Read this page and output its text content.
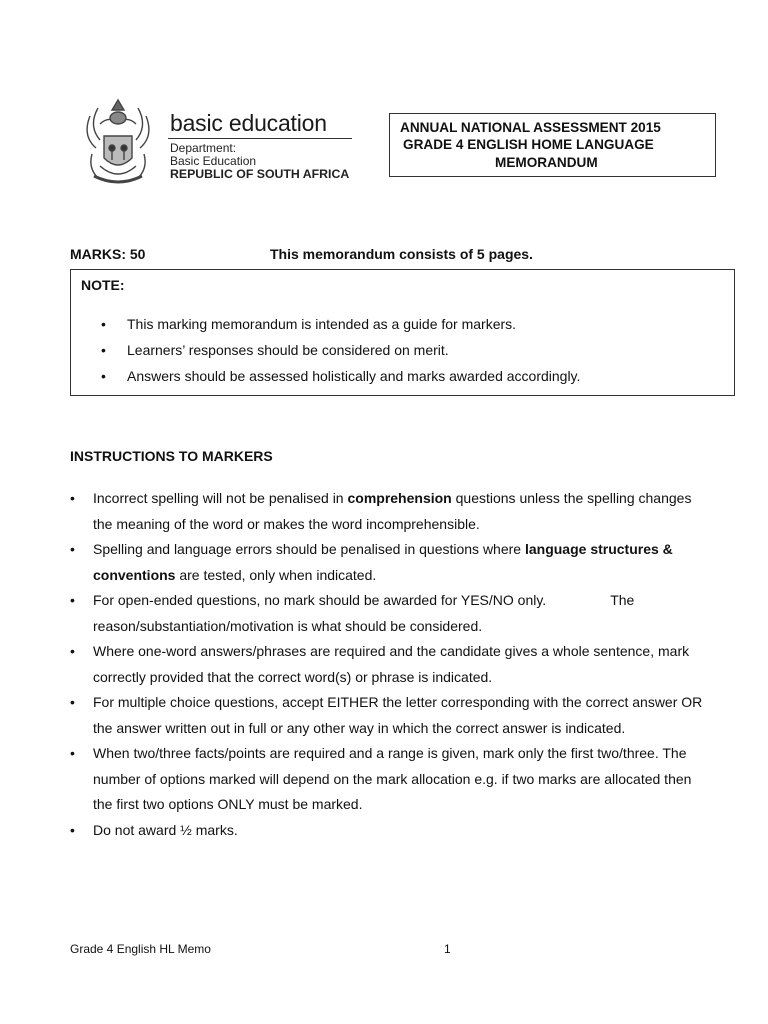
basic education
Department:
Basic Education
REPUBLIC OF SOUTH AFRICA
ANNUAL NATIONAL ASSESSMENT 2015
GRADE 4 ENGLISH HOME LANGUAGE
MEMORANDUM
MARKS: 50	This memorandum consists of 5 pages.
NOTE:
• This marking memorandum is intended as a guide for markers.
• Learners’ responses should be considered on merit.
• Answers should be assessed holistically and marks awarded accordingly.
INSTRUCTIONS TO MARKERS
•	Incorrect spelling will not be penalised in comprehension questions unless the spelling changes the meaning of the word or makes the word incomprehensible.
•	Spelling and language errors should be penalised in questions where language structures & conventions are tested, only when indicated.
•	For open-ended questions, no mark should be awarded for YES/NO only.	The reason/substantiation/motivation is what should be considered.
•	Where one-word answers/phrases are required and the candidate gives a whole sentence, mark correctly provided that the correct word(s) or phrase is indicated.
•	For multiple choice questions, accept EITHER the letter corresponding with the correct answer OR the answer written out in full or any other way in which the correct answer is indicated.
•	When two/three facts/points are required and a range is given, mark only the first two/three. The number of options marked will depend on the mark allocation e.g. if two marks are allocated then the first two options ONLY must be marked.
•	Do not award ½ marks.
Grade 4 English HL Memo	1
